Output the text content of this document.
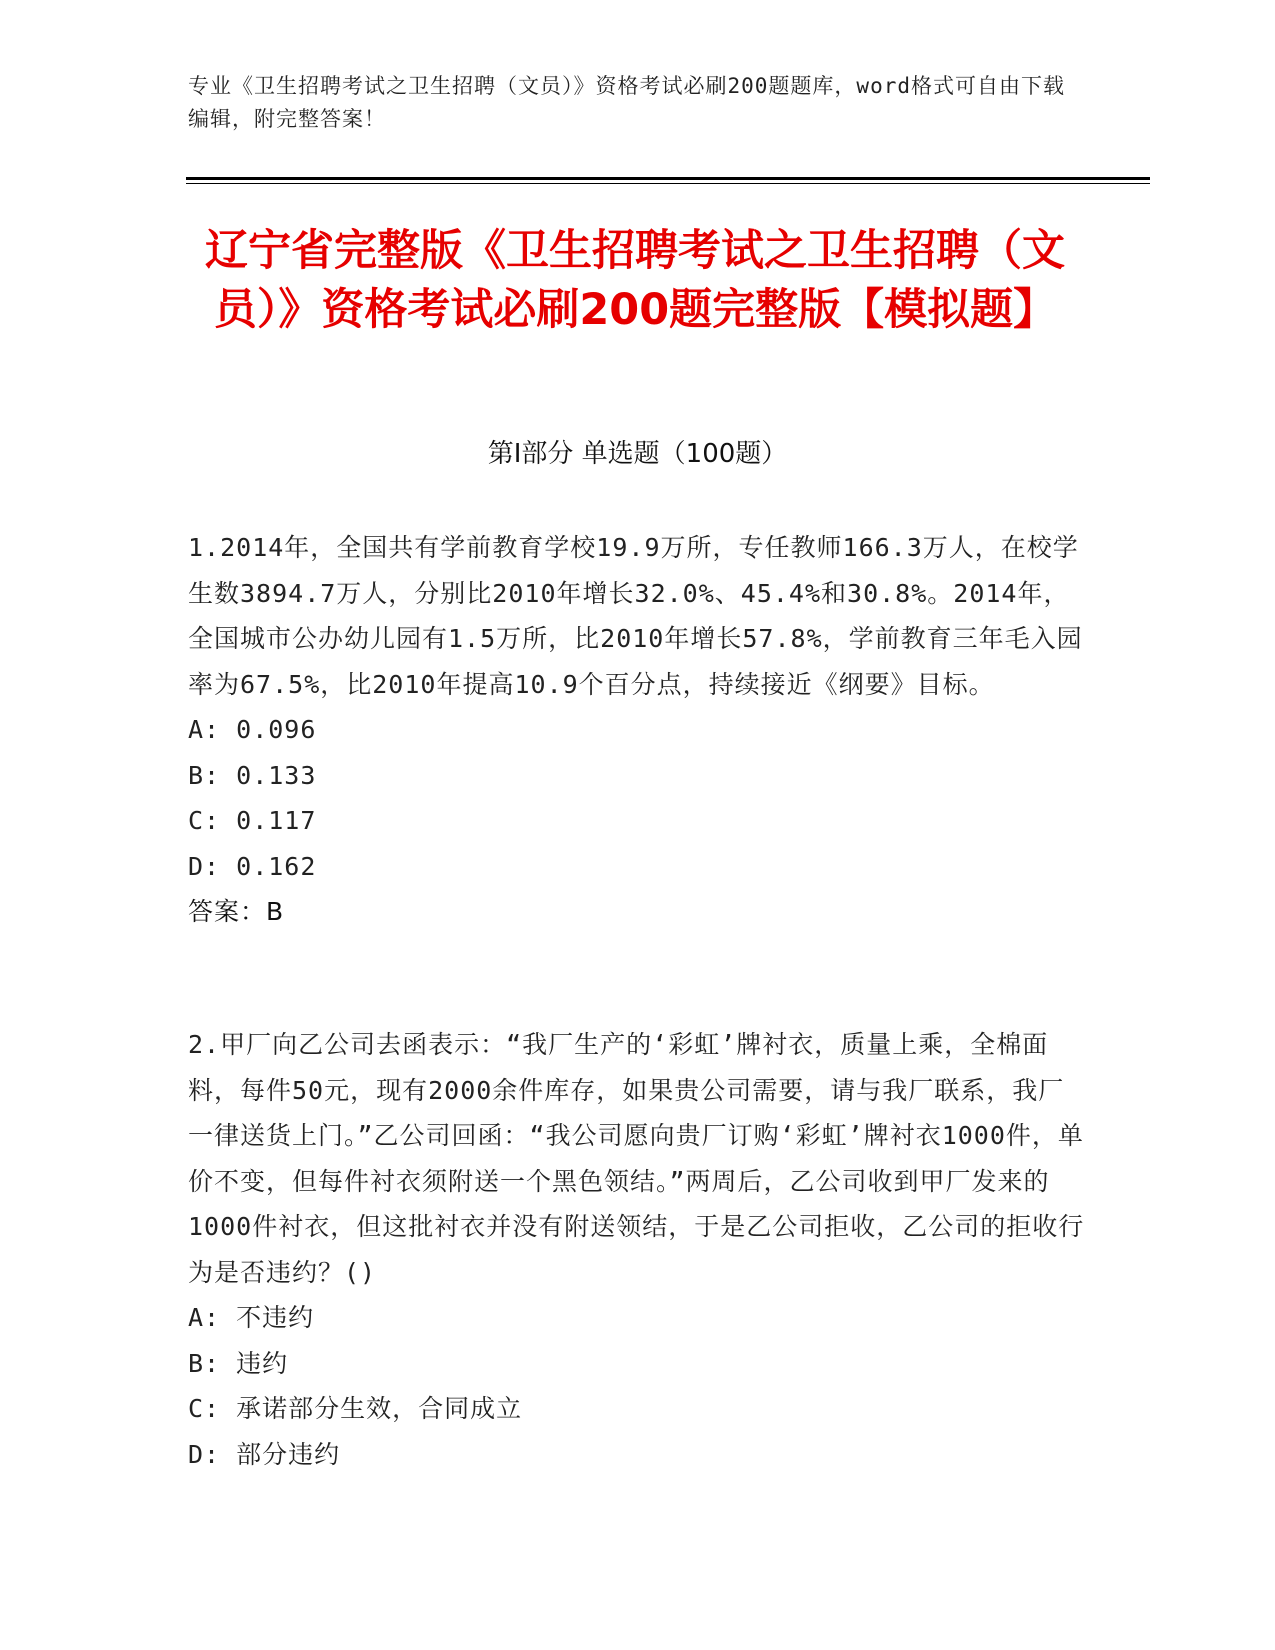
专业《卫生招聘考试之卫生招聘（文员）》资格考试必刷200题题库，word格式可自由下载编辑，附完整答案！
辽宁省完整版《卫生招聘考试之卫生招聘（文员）》资格考试必刷200题完整版【模拟题】
第I部分 单选题（100题）

1.2014年，全国共有学前教育学校19.9万所，专任教师166.3万人，在校学生数3894.7万人，分别比2010年增长32.0%、45.4%和30.8%。2014年，全国城市公办幼儿园有1.5万所，比2010年增长57.8%，学前教育三年毛入园率为67.5%，比2010年提高10.9个百分点，持续接近《纲要》目标。

A: 0.096

B: 0.133

C: 0.117

D: 0.162

答案：B

2.甲厂向乙公司去函表示：“我厂生产的‘彩虹’牌衬衣，质量上乘，全棉面料，每件50元，现有2000余件库存，如果贵公司需要，请与我厂联系，我厂一律送货上门。”乙公司回函：“我公司愿向贵厂订购‘彩虹’牌衬衣1000件，单价不变，但每件衬衣须附送一个黑色领结。”两周后，乙公司收到甲厂发来的1000件衬衣，但这批衬衣并没有附送领结，于是乙公司拒收，乙公司的拒收行为是否违约？()

A: 不违约

B: 违约

C: 承诺部分生效，合同成立

D: 部分违约
